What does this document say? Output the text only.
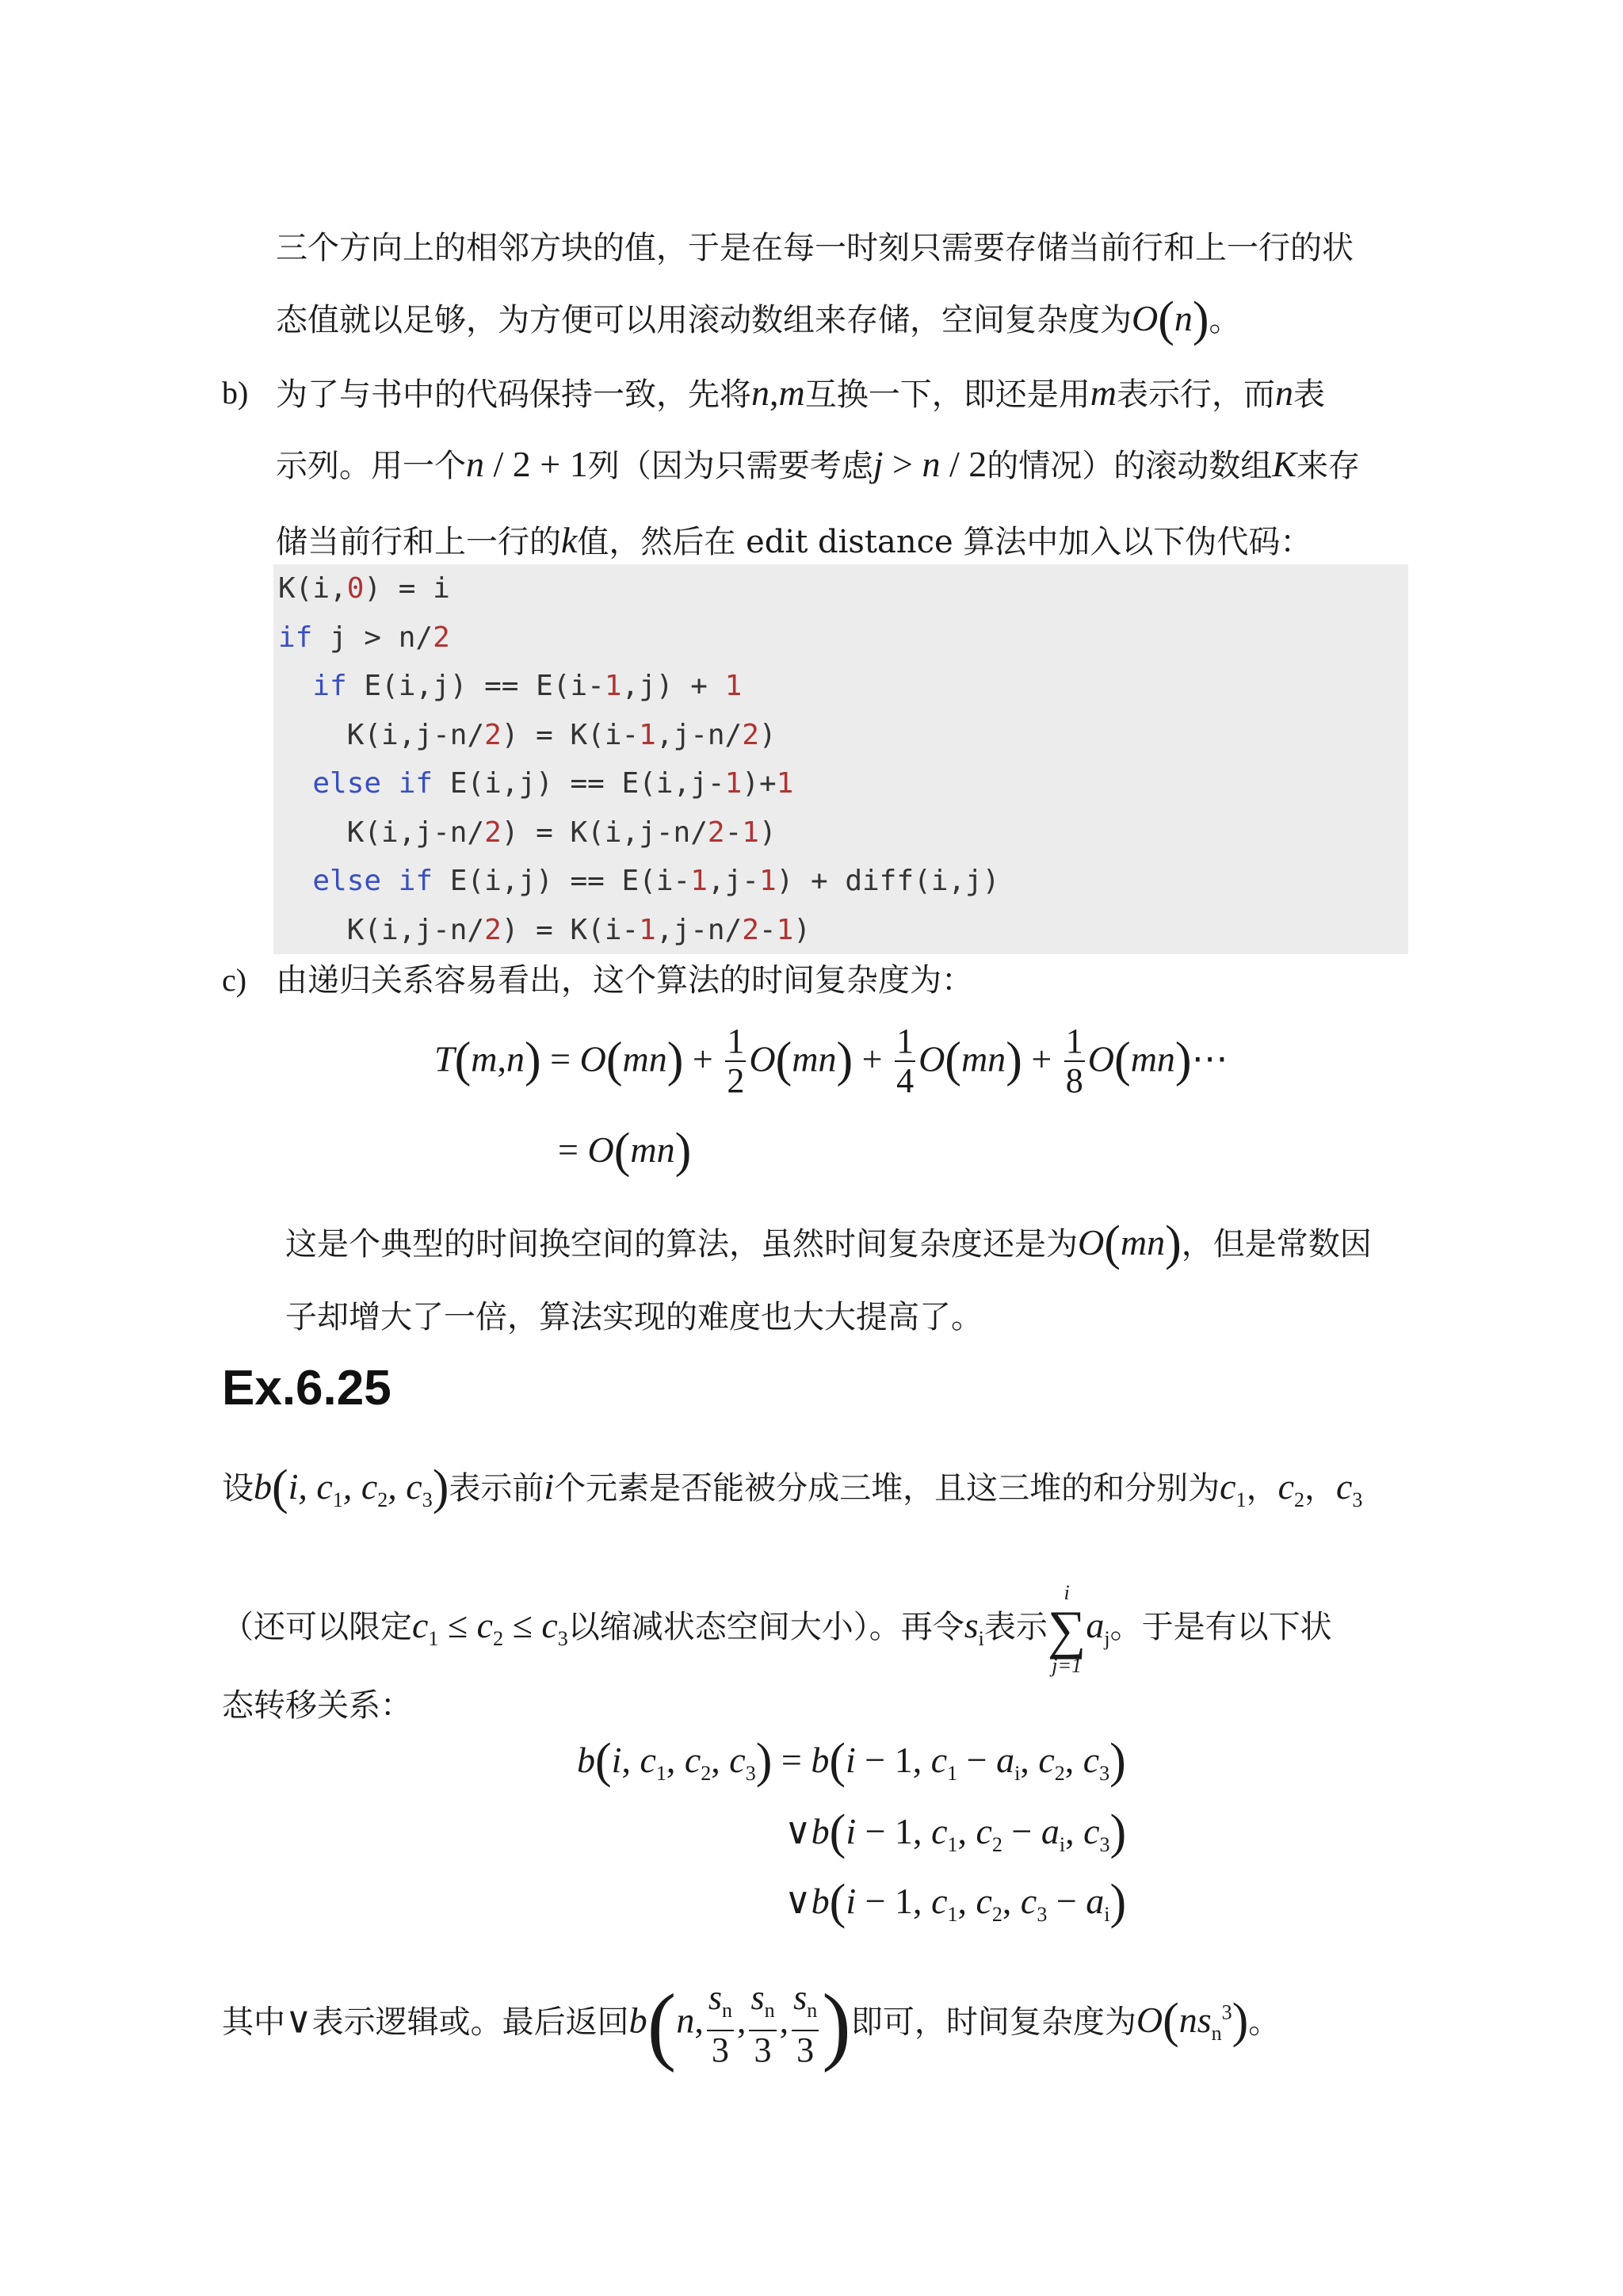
三个方向上的相邻方块的值，于是在每一时刻只需要存储当前行和上一行的状
态值就以足够，为方便可以用滚动数组来存储，空间复杂度为O(n)。
b) 为了与书中的代码保持一致，先将n,m互换一下，即还是用m表示行，而n表
示列。用一个n / 2 + 1列（因为只需要考虑j > n / 2的情况）的滚动数组K来存
储当前行和上一行的k值，然后在 edit distance 算法中加入以下伪代码：
K(i,0) = i
if j > n/2
if E(i,j) == E(i-1,j) + 1
K(i,j-n/2) = K(i-1,j-n/2)
else if E(i,j) == E(i,j-1)+1
K(i,j-n/2) = K(i,j-n/2-1)
else if E(i,j) == E(i-1,j-1) + diff(i,j)
K(i,j-n/2) = K(i-1,j-n/2-1)
c) 由递归关系容易看出，这个算法的时间复杂度为：
$T(m,n) = O(mn) + \frac{1}{2} O(mn) + \frac{1}{4} O(mn) + \frac{1}{8}$ O(mn)⋯
= O(mn)
这是个典型的时间换空间的算法，虽然时间复杂度还是为O(mn)，但是常数因
子却增大了一倍，算法实现的难度也大大提高了。
Ex.6.25
设b(i, $c_1$, $c_2$, $c_3$)表示前i个元素是否能被分成三堆，且这三堆的和分别为$c_1$，$c_2$，$c_3$
（还可以限定$c_1 \le c_2 \le c_3$以缩减状态空间大小）。再令$s_i$表示
i
∑
j=1
$a_j$。于是有以下状
态转移关系：
b(i, $c_1$, $c_2$, $c_3) = b(i - 1$, $c_1 - a_i$, $c_2$, $c_3$)
∨b(i − 1, $c_1$, $c_2 - a_i$, $c_3$)
∨b(i − 1, $c_1$, $c_2$, $c_3 - a_i$)
其中∨表示逻辑或。最后返回b(n, $\frac{s_n}{3}$ , $\frac{s_n}{3}$ , $\frac{s_n}{3}$ )即可，时间复杂度为$O(ns_n^3)$。
